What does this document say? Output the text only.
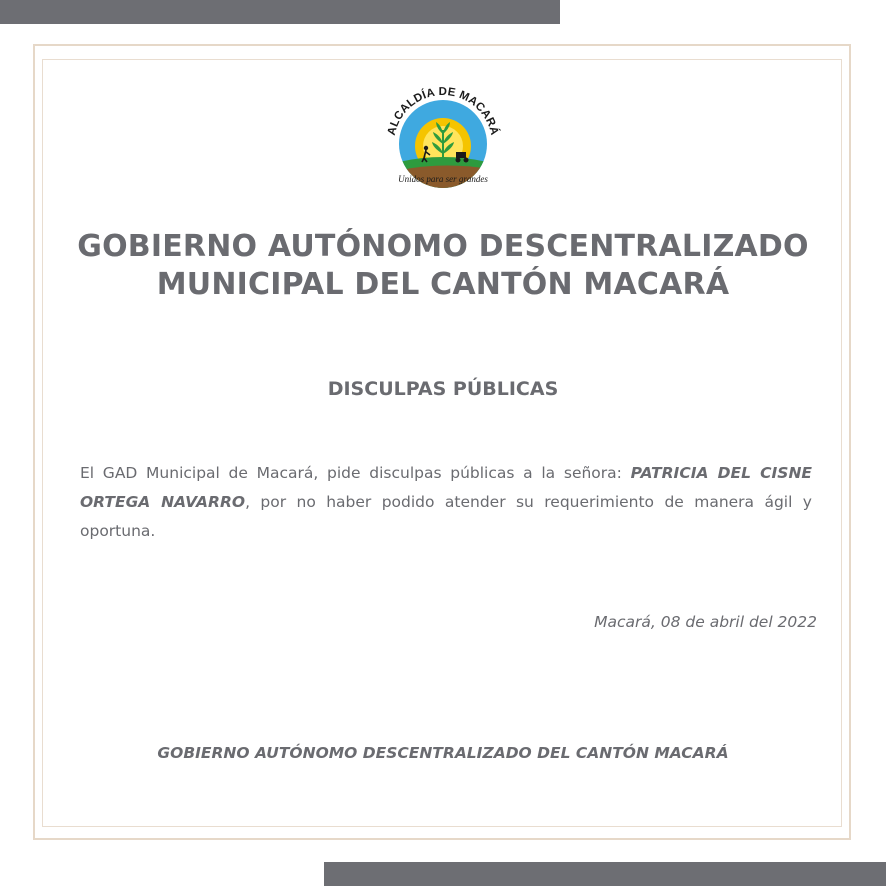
ALCALDÍA DE MACARÁ
Unidos para ser grandes
GOBIERNO AUTÓNOMO DESCENTRALIZADO
MUNICIPAL DEL CANTÓN MACARÁ
DISCULPAS PÚBLICAS
El GAD Municipal de Macará, pide disculpas públicas a la señora: PATRICIA DEL CISNE ORTEGA NAVARRO, por no haber podido atender su requerimiento de manera ágil y oportuna.
Macará, 08 de abril del 2022
GOBIERNO AUTÓNOMO DESCENTRALIZADO DEL CANTÓN MACARÁ
